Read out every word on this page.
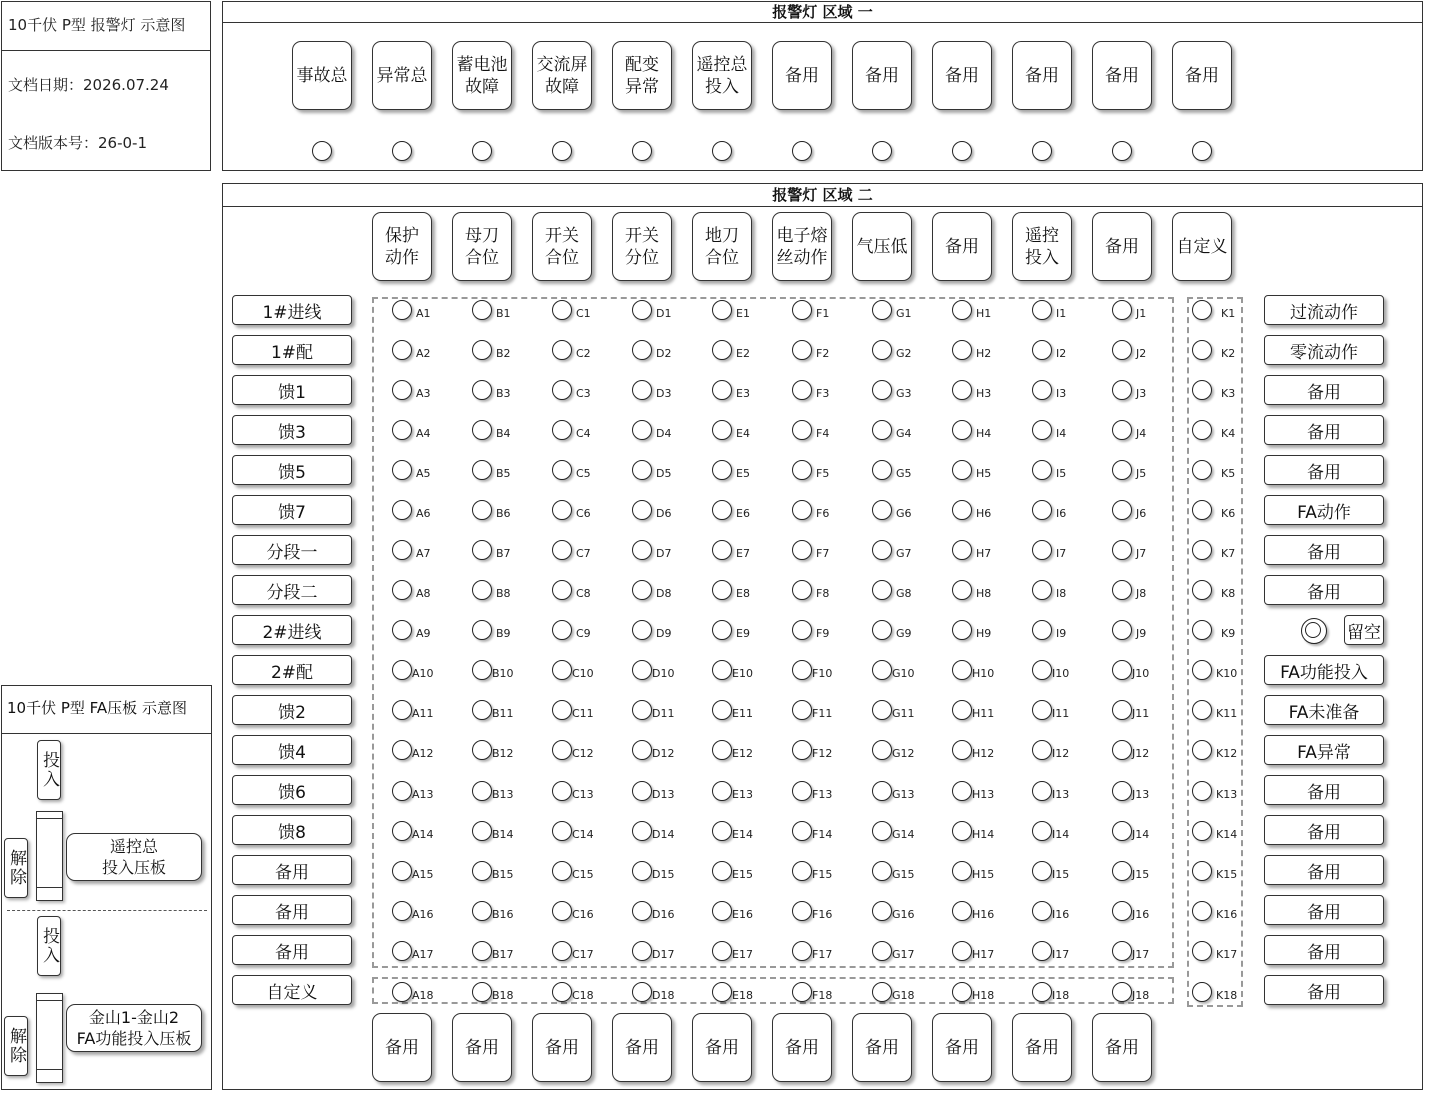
10千伏 P型 报警灯 示意图
文档日期：2026.07.24
文档版本号：26-0-1
报警灯 区域 一
事故总 异常总
蓄电池
故障
交流屏
故障
配变
异常
遥控总
投入
备用	备用	备用	备用	备用	备用
报警灯 区域 二
保护
动作
母刀
合位
开关
合位
开关
分位
地刀
合位
电子熔
丝动作
气压低 备用
遥控
投入
备用 自定义
1#进线
1#配
馈1
馈3
馈5
馈7
分段一
分段二
2#进线
2#配
馈2
馈4
馈6
馈8
备用
备用
备用
自定义
A1	B1	C1	D1	E1	F1	G1	H1	I1	J1
A2	B2	C2	D2	E2	F2	G2	H2	I2	J2
A3	B3	C3	D3	E3	F3	G3	H3	I3	J3
A4	B4	C4	D4	E4	F4	G4	H4	I4	J4
A5	B5	C5	D5	E5	F5	G5	H5	I5	J5
A6	B6	C6	D6	E6	F6	G6	H6	I6	J6
A7	B7	C7	D7	E7	F7	G7	H7	I7	J7
A8	B8	C8	D8	E8	F8	G8	H8	I8	J8
A9	B9	C9	D9	E9	F9	G9	H9	I9	J9
A10	B10	C10	D10	E10	F10	G10	H10	I10	J10
A11	B11	C11	D11	E11	F11	G11	H11	I11	J11
A12	B12	C12	D12	E12	F12	G12	H12	I12	J12
A13	B13	C13	D13	E13	F13	G13	H13	I13	J13
A14	B14	C14	D14	E14	F14	G14	H14	I14	J14
A15	B15	C15	D15	E15	F15	G15	H15	I15	J15
A16	B16	C16	D16	E16	F16	G16	H16	I16	J16
A17	B17	C17	D17	E17	F17	G17	H17	I17	J17
A18	B18	C18	D18	E18	F18	G18	H18	I18	J18
K1
K2
K3
K4
K5
K6
K7
K8
K9
K10
K11
K12
K13
K14
K15
K16
K17
K18
过流动作
零流动作
备用
备用
备用
FA动作
备用
备用
留空
FA功能投入
FA未准备
FA异常
备用
备用
备用
备用
备用
备用
备用	备用	备用	备用	备用	备用	备用	备用	备用	备用
10千伏 P型 FA压板 示意图
投入
解除
遥控总
投入压板
投入
解除
金山1-金山2
FA功能投入压板
